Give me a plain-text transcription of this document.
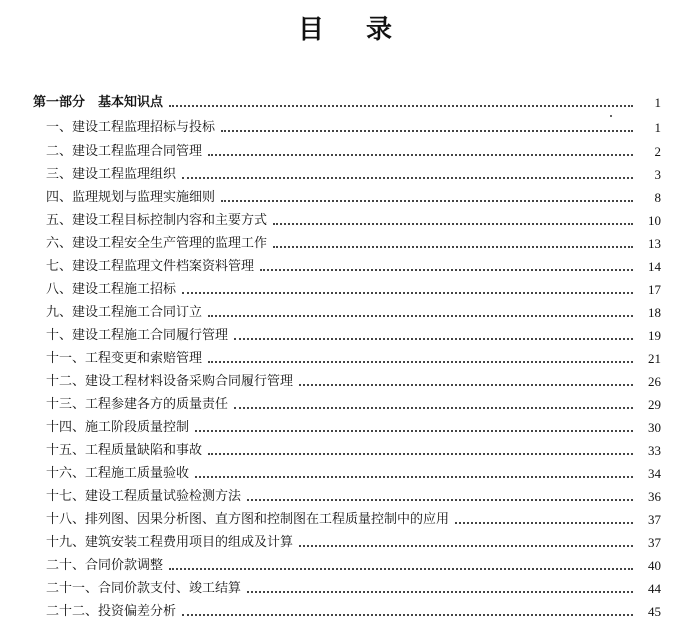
目 录
第一部分　基本知识点	1
一、建设工程监理招标与投标	1
二、建设工程监理合同管理	2
三、建设工程监理组织	3
四、监理规划与监理实施细则	8
五、建设工程目标控制内容和主要方式	10
六、建设工程安全生产管理的监理工作	13
七、建设工程监理文件档案资料管理	14
八、建设工程施工招标	17
九、建设工程施工合同订立	18
十、建设工程施工合同履行管理	19
十一、工程变更和索赔管理	21
十二、建设工程材料设备采购合同履行管理	26
十三、工程参建各方的质量责任	29
十四、施工阶段质量控制	30
十五、工程质量缺陷和事故	33
十六、工程施工质量验收	34
十七、建设工程质量试验检测方法	36
十八、排列图、因果分析图、直方图和控制图在工程质量控制中的应用	37
十九、建筑安装工程费用项目的组成及计算	37
二十、合同价款调整	40
二十一、合同价款支付、竣工结算	44
二十二、投资偏差分析	45
